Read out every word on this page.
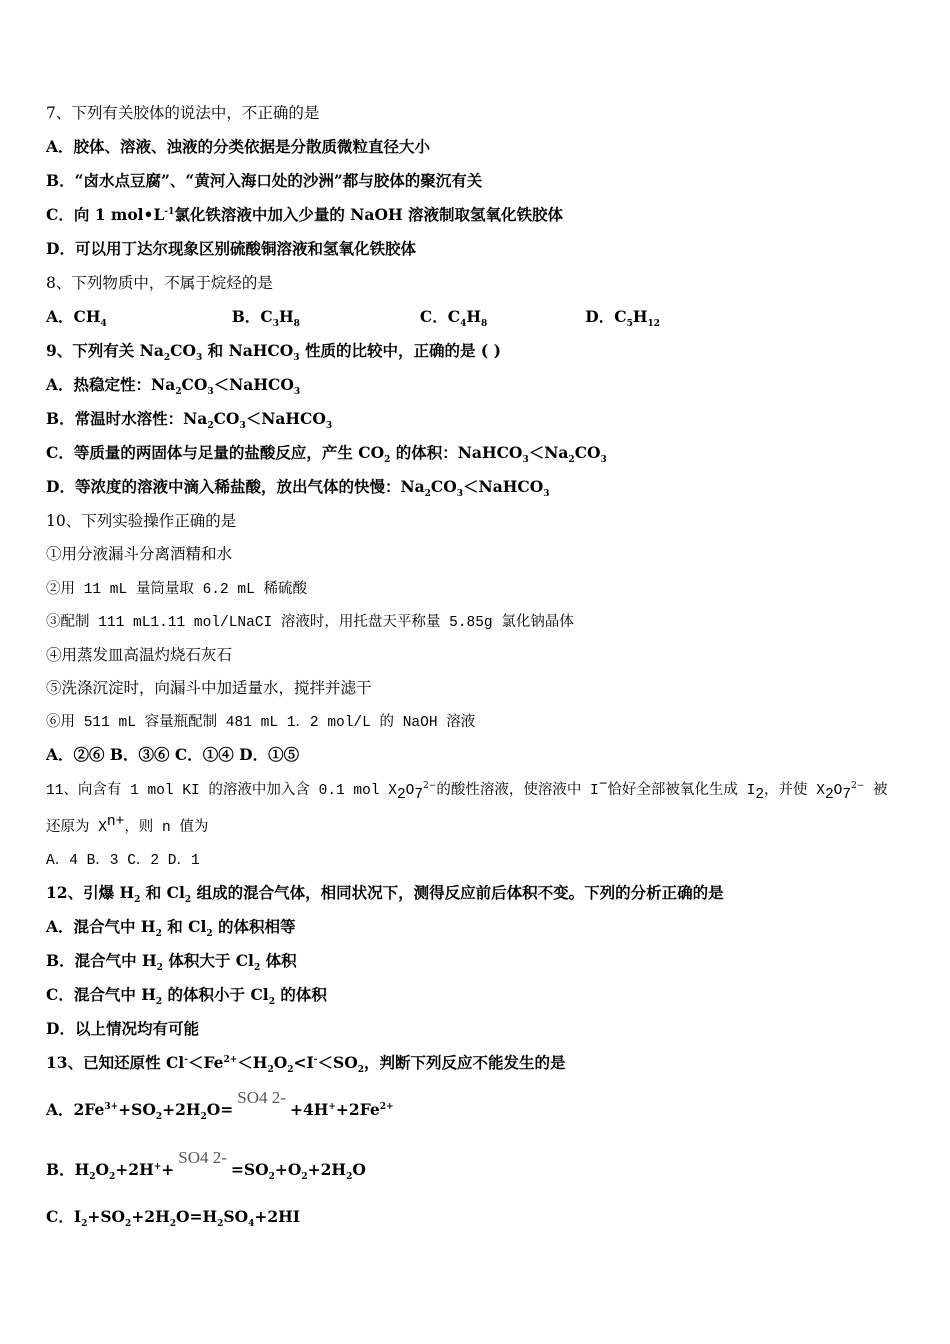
7、下列有关胶体的说法中，不正确的是
A．胶体、溶液、浊液的分类依据是分散质微粒直径大小
B．“卤水点豆腐”、“黄河入海口处的沙洲”都与胶体的聚沉有关
C．向 1 $mol•L^{-1}$氯化铁溶液中加入少量的 NaOH 溶液制取氢氧化铁胶体
D．可以用丁达尔现象区别硫酸铜溶液和氢氧化铁胶体
8、下列物质中，不属于烷烃的是
A．$CH_4$	B．$C_3H_8$	C．$C_4H_8$	D．$C_5H_{12}$
9、下列有关 $Na_2CO_3$ 和 NaHCO$_3$ 性质的比较中，正确的是 ( )
A．热稳定性：$Na_2CO_3<NaHCO_3$
B．常温时水溶性：$Na_2CO_3<NaHCO_3$
C．等质量的两固体与足量的盐酸反应，产生 $CO_2$ 的体积：$NaHCO_3<Na_2CO_3$
D．等浓度的溶液中滴入稀盐酸，放出气体的快慢：$Na_2CO_3<NaHCO_3$
10、下列实验操作正确的是
①用分液漏斗分离酒精和水
②用 11 mL 量筒量取 6.2 mL 稀硫酸
③配制 111 mL1.11 mol/LNaCI 溶液时，用托盘天平称量 5.85g 氯化钠晶体
④用蒸发皿高温灼烧石灰石
⑤洗涤沉淀时，向漏斗中加适量水，搅拌并滤干
⑥用 511 mL 容量瓶配制 481 mL 1．2 mol/L 的 NaOH 溶液
A．②⑥ B．③⑥ C．①④ D．①⑤
11、向含有 1 mol KI 的溶液中加入含 0.1 mol $X_2O_7^{2-}$的酸性溶液，使溶液中 I−恰好全部被氧化生成 $I_2$，并使 $X_2O_7^{2-}$ 被
还原为 $X^{n+}$，则 n 值为
A．4 B．3 C．2 D．1
12、引爆 $H_2$ 和 $Cl_2$ 组成的混合气体，相同状况下，测得反应前后体积不变。下列的分析正确的是
A．混合气中 $H_2$ 和 $Cl_2$ 的体积相等
B．混合气中 $H_2$ 体积大于 $Cl_2$ 体积
C．混合气中 $H_2$ 的体积小于 $Cl_2$ 的体积
D．以上情况均有可能
13、已知还原性 $Cl^-<Fe^{2+}<H_2O_2<I^-<SO_2$，判断下列反应不能发生的是
A．$2Fe^{3+}+SO_2+2H_2O=SO4$ $2-+4H^++2Fe^{2+}$
B．$H_2O_2+2H^++SO4$ $2-=SO_2+O_2+2H_2O$
C．$I_2+SO_2+2H_2O=H_2SO_4+2HI$
